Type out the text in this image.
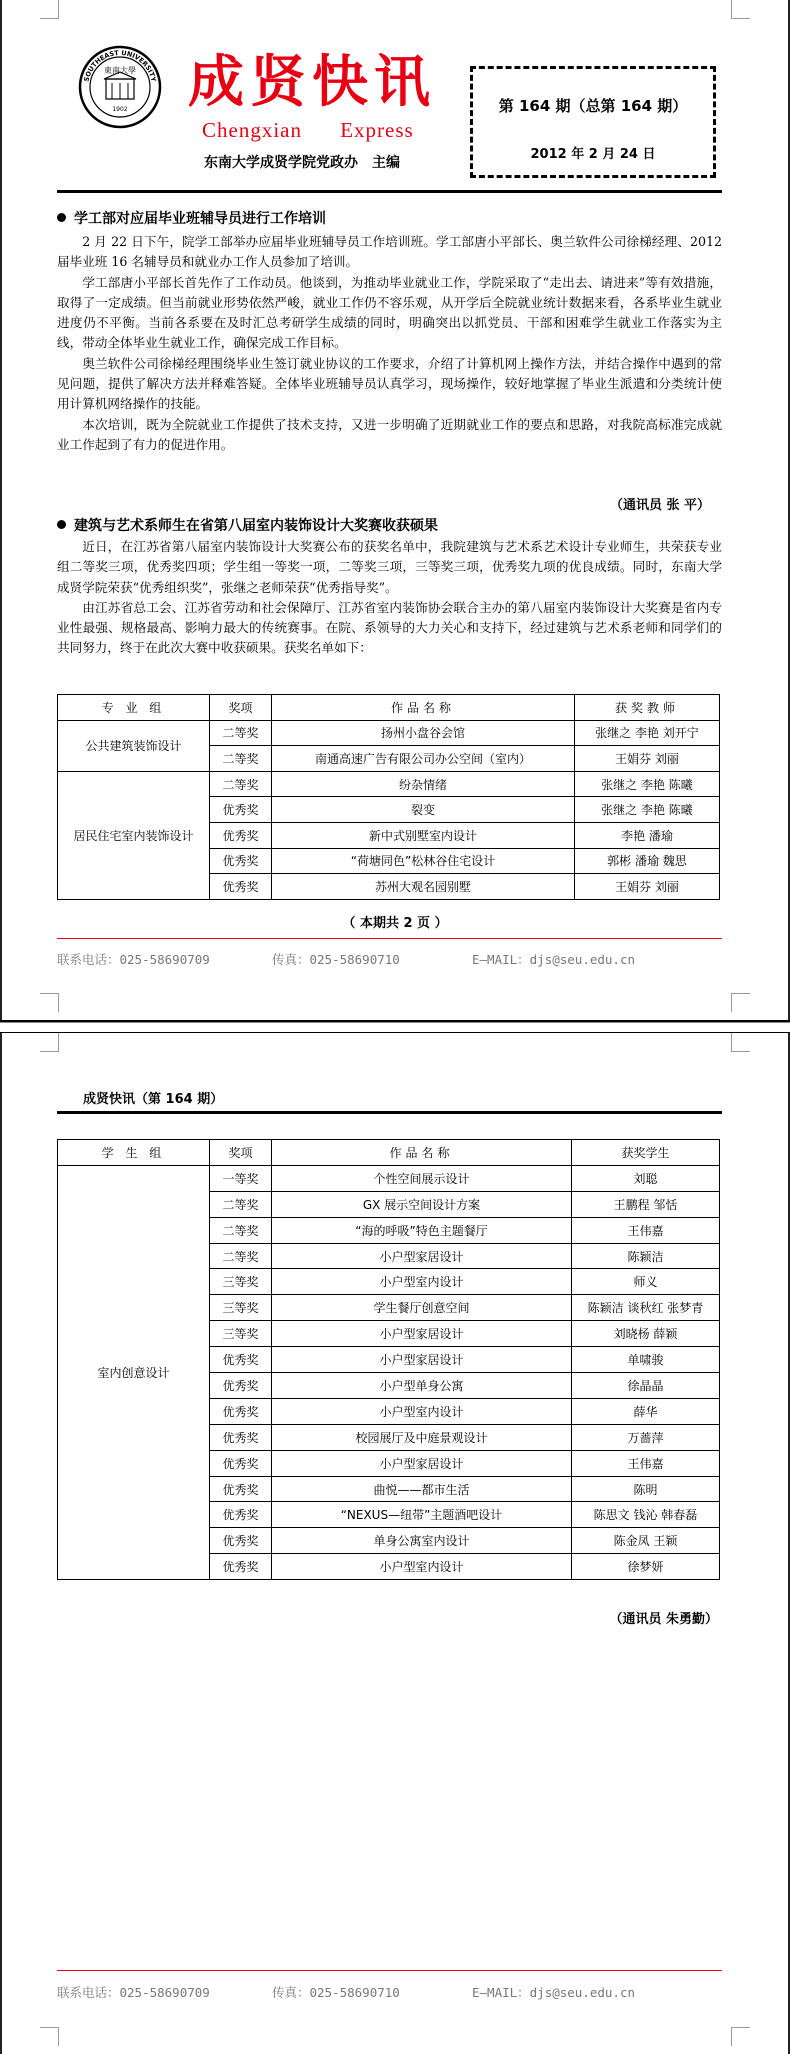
SOUTHEAST UNIVERSITY
東南大學
1902 成贤快讯
Chengxian Express
东南大学成贤学院党政办　主编
第 164 期（总第 164 期）
2012 年 2 月 24 日
学工部对应届毕业班辅导员进行工作培训

2 月 22 日下午，院学工部举办应届毕业班辅导员工作培训班。学工部唐小平部长、奥兰软件公司徐梯经理、2012 届毕业班 16 名辅导员和就业办工作人员参加了培训。

学工部唐小平部长首先作了工作动员。他谈到，为推动毕业就业工作，学院采取了“走出去、请进来”等有效措施，取得了一定成绩。但当前就业形势依然严峻，就业工作仍不容乐观，从开学后全院就业统计数据来看，各系毕业生就业进度仍不平衡。当前各系要在及时汇总考研学生成绩的同时，明确突出以抓党员、干部和困难学生就业工作落实为主线，带动全体毕业生就业工作，确保完成工作目标。

奥兰软件公司徐梯经理围绕毕业生签订就业协议的工作要求，介绍了计算机网上操作方法，并结合操作中遇到的常见问题，提供了解决方法并释难答疑。全体毕业班辅导员认真学习，现场操作，较好地掌握了毕业生派遣和分类统计使用计算机网络操作的技能。

本次培训，既为全院就业工作提供了技术支持，又进一步明确了近期就业工作的要点和思路，对我院高标准完成就业工作起到了有力的促进作用。

（通讯员 张 平）
建筑与艺术系师生在省第八届室内装饰设计大奖赛收获硕果

近日，在江苏省第八届室内装饰设计大奖赛公布的获奖名单中，我院建筑与艺术系艺术设计专业师生，共荣获专业组二等奖三项，优秀奖四项；学生组一等奖一项，二等奖三项，三等奖三项，优秀奖九项的优良成绩。同时，东南大学成贤学院荣获“优秀组织奖”，张继之老师荣获“优秀指导奖”。

由江苏省总工会、江苏省劳动和社会保障厅、江苏省室内装饰协会联合主办的第八届室内装饰设计大奖赛是省内专业性最强、规格最高、影响力最大的传统赛事。在院、系领导的大力关心和支持下，经过建筑与艺术系老师和同学们的共同努力，终于在此次大赛中收获硕果。获奖名单如下：

专 业 组	奖项	作品名称	获奖教师
公共建筑装饰设计	二等奖	扬州小盘谷会馆	张继之 李艳 刘开宁
	二等奖	南通高速广告有限公司办公空间（室内）	王娟芬 刘丽
居民住宅室内装饰设计	二等奖	纷杂情绪	张继之 李艳 陈曦
	优秀奖	裂变	张继之 李艳 陈曦
	优秀奖	新中式别墅室内设计	李艳 潘瑜
	优秀奖	“荷塘同色”松林谷住宅设计	郭彬 潘瑜 魏思
	优秀奖	苏州大观名园别墅	王娟芬 刘丽
（ 本期共 2 页 ）
联系电话：025-58690709	传真：025-58690710	E—MAIL：djs@seu.edu.cn
成贤快讯（第 164 期）
学 生 组	奖项	作品名称	获奖学生
室内创意设计	一等奖	个性空间展示设计	刘聪
	二等奖	GX 展示空间设计方案	王鹏程 邹恬
	二等奖	“海的呼吸”特色主题餐厅	王伟嘉
	二等奖	小户型家居设计	陈颖洁
	三等奖	小户型室内设计	师义
	三等奖	学生餐厅创意空间	陈颖洁 谈秋红 张梦青
	三等奖	小户型家居设计	刘晓杨 薛颖
	优秀奖	小户型家居设计	单啸骏
	优秀奖	小户型单身公寓	徐晶晶
	优秀奖	小户型室内设计	薛华
	优秀奖	校园展厅及中庭景观设计	万蔷萍
	优秀奖	小户型家居设计	王伟嘉
	优秀奖	曲悦——都市生活	陈明
	优秀奖	“NEXUS—纽带”主题酒吧设计	陈思文 钱沁 韩春磊
	优秀奖	单身公寓室内设计	陈金凤 王颖
	优秀奖	小户型室内设计	徐梦妍
（通讯员 朱勇勤）
联系电话：025-58690709	传真：025-58690710	E—MAIL：djs@seu.edu.cn
